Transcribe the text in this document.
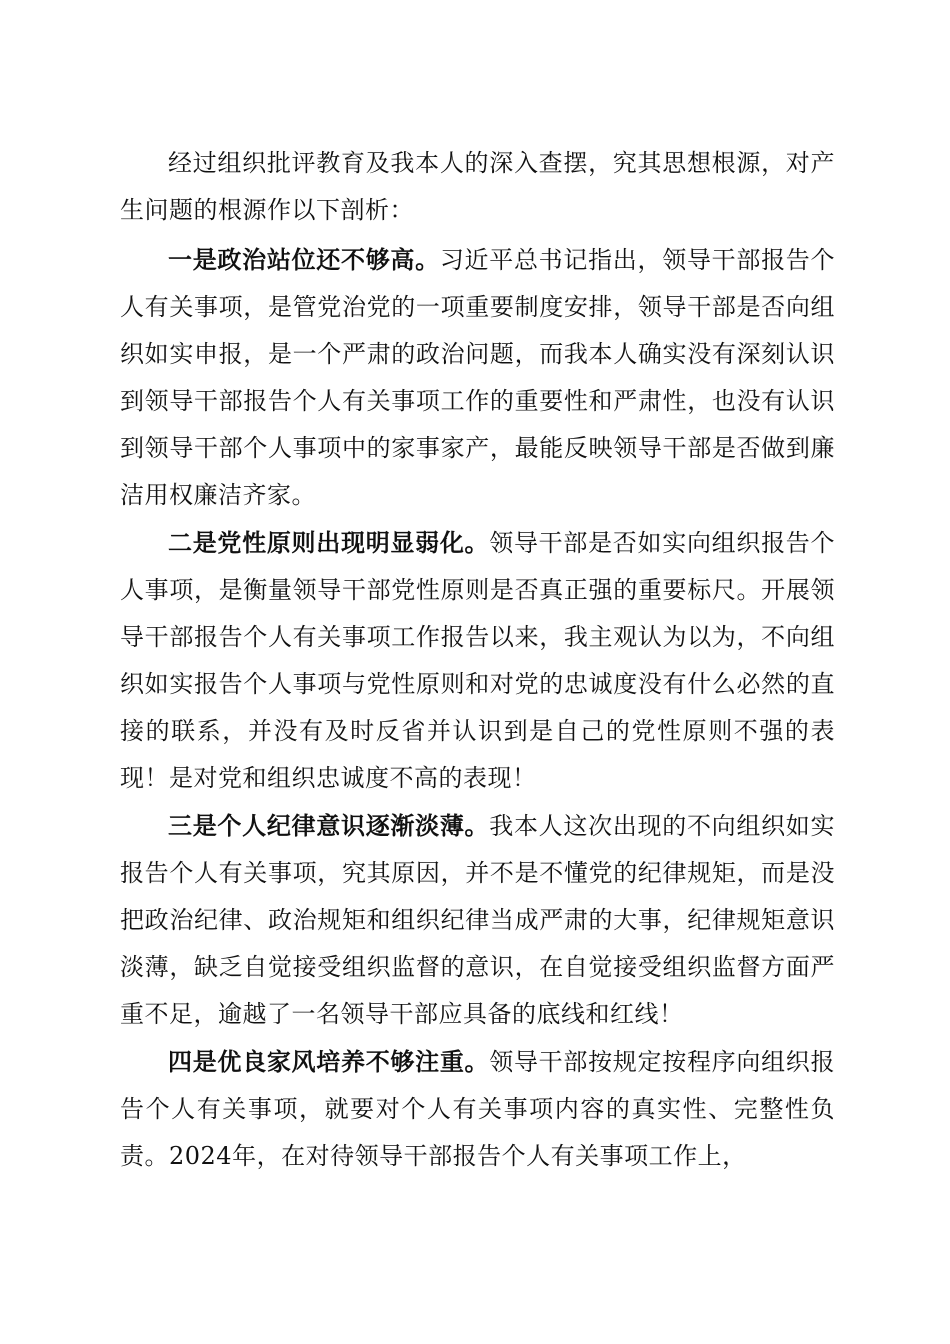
经过组织批评教育及我本人的深入查摆，究其思想根源，对产生问题的根源作以下剖析：

一是政治站位还不够高。习近平总书记指出，领导干部报告个人有关事项，是管党治党的一项重要制度安排，领导干部是否向组织如实申报，是一个严肃的政治问题，而我本人确实没有深刻认识到领导干部报告个人有关事项工作的重要性和严肃性，也没有认识到领导干部个人事项中的家事家产，最能反映领导干部是否做到廉洁用权廉洁齐家。

二是党性原则出现明显弱化。领导干部是否如实向组织报告个人事项，是衡量领导干部党性原则是否真正强的重要标尺。开展领导干部报告个人有关事项工作报告以来，我主观认为以为，不向组织如实报告个人事项与党性原则和对党的忠诚度没有什么必然的直接的联系，并没有及时反省并认识到是自己的党性原则不强的表现！是对党和组织忠诚度不高的表现！

三是个人纪律意识逐渐淡薄。我本人这次出现的不向组织如实报告个人有关事项，究其原因，并不是不懂党的纪律规矩，而是没把政治纪律、政治规矩和组织纪律当成严肃的大事，纪律规矩意识淡薄，缺乏自觉接受组织监督的意识，在自觉接受组织监督方面严重不足，逾越了一名领导干部应具备的底线和红线！

四是优良家风培养不够注重。领导干部按规定按程序向组织报告个人有关事项，就要对个人有关事项内容的真实性、完整性负责。2024年，在对待领导干部报告个人有关事项工作上，
